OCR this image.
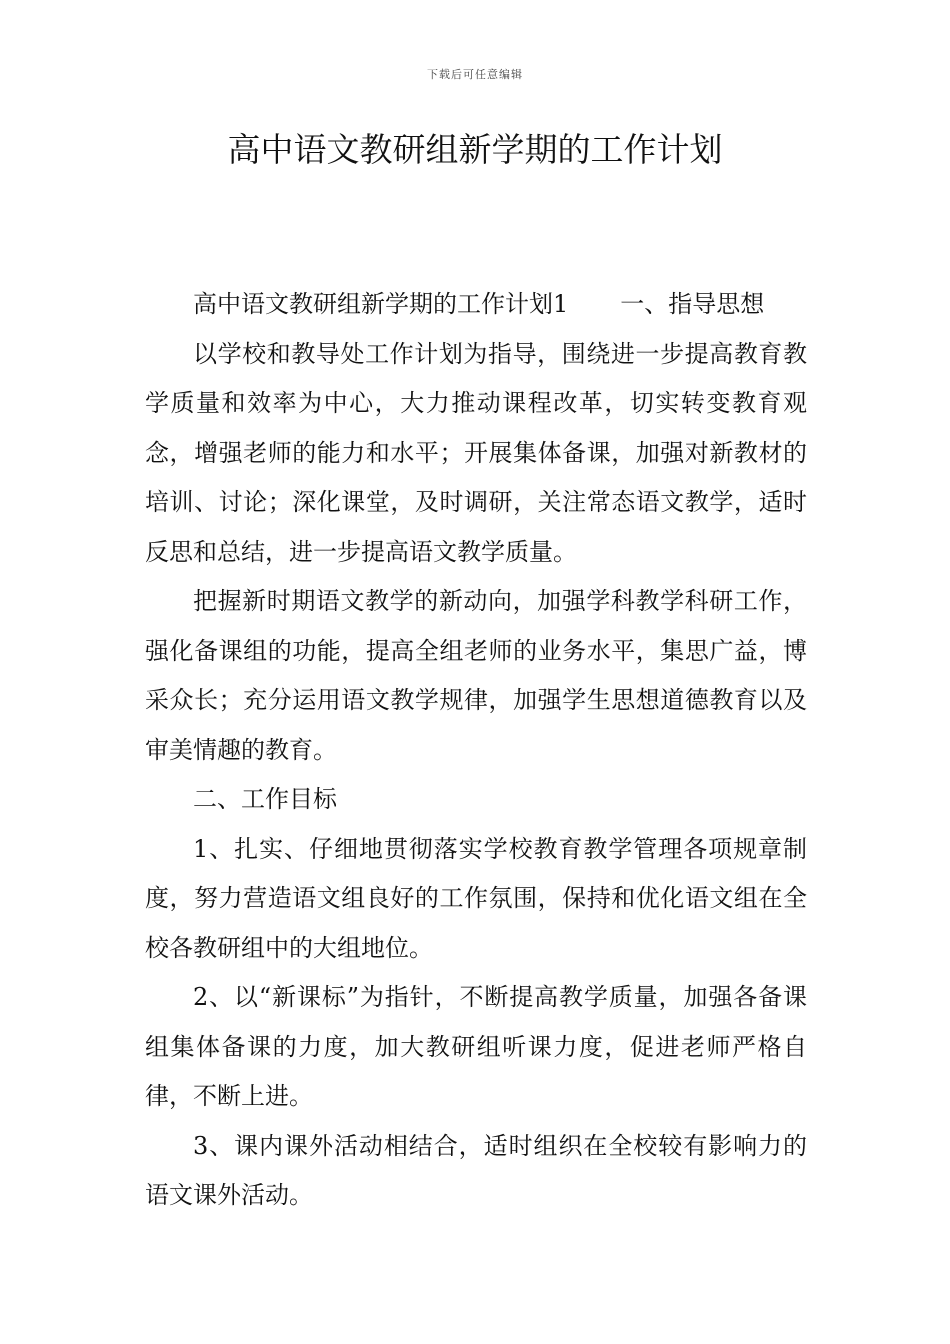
下载后可任意编辑
高中语文教研组新学期的工作计划

高中语文教研组新学期的工作计划1 一、指导思想

以学校和教导处工作计划为指导，围绕进一步提高教育教学质量和效率为中心，大力推动课程改革，切实转变教育观念，增强老师的能力和水平；开展集体备课，加强对新教材的培训、讨论；深化课堂，及时调研，关注常态语文教学，适时反思和总结，进一步提高语文教学质量。

把握新时期语文教学的新动向，加强学科教学科研工作，强化备课组的功能，提高全组老师的业务水平，集思广益，博采众长；充分运用语文教学规律，加强学生思想道德教育以及审美情趣的教育。

二、工作目标

1、扎实、仔细地贯彻落实学校教育教学管理各项规章制度，努力营造语文组良好的工作氛围，保持和优化语文组在全校各教研组中的大组地位。

2、以“新课标”为指针，不断提高教学质量，加强各备课组集体备课的力度，加大教研组听课力度，促进老师严格自律，不断上进。

3、课内课外活动相结合，适时组织在全校较有影响力的语文课外活动。
